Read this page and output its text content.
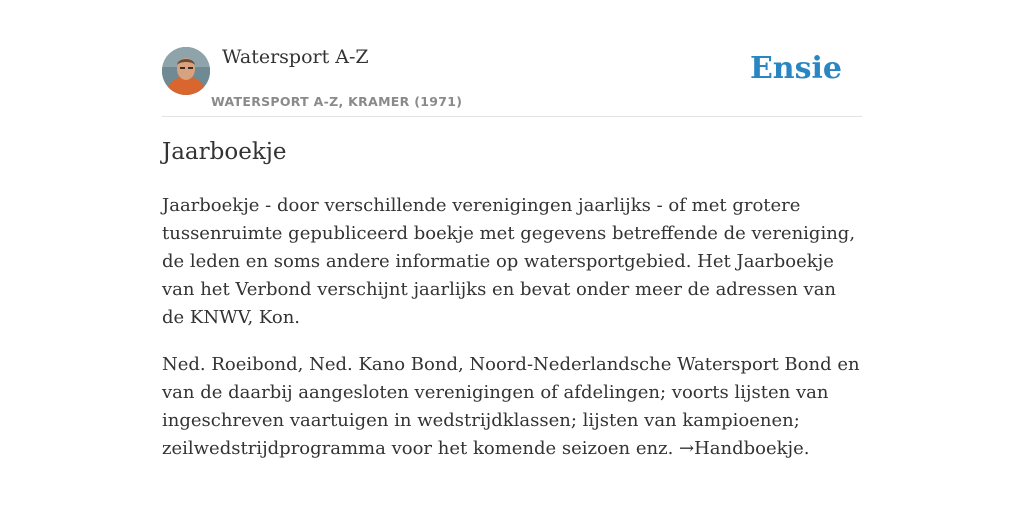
Watersport A-Z
WATERSPORT A-Z, KRAMER (1971)
Ensie
Jaarboekje

Jaarboekje - door verschillende verenigingen jaarlijks - of met grotere tussenruimte gepubliceerd boekje met gegevens betreffende de vereniging, de leden en soms andere informatie op watersportgebied. Het Jaarboekje van het Verbond verschijnt jaarlijks en bevat onder meer de adressen van de KNWV, Kon.

Ned. Roeibond, Ned. Kano Bond, Noord-Nederlandsche Watersport Bond en van de daarbij aangesloten verenigingen of afdelingen; voorts lijsten van ingeschreven vaartuigen in wedstrijdklassen; lijsten van kampioenen; zeilwedstrijdprogramma voor het komende seizoen enz. →Handboekje.
